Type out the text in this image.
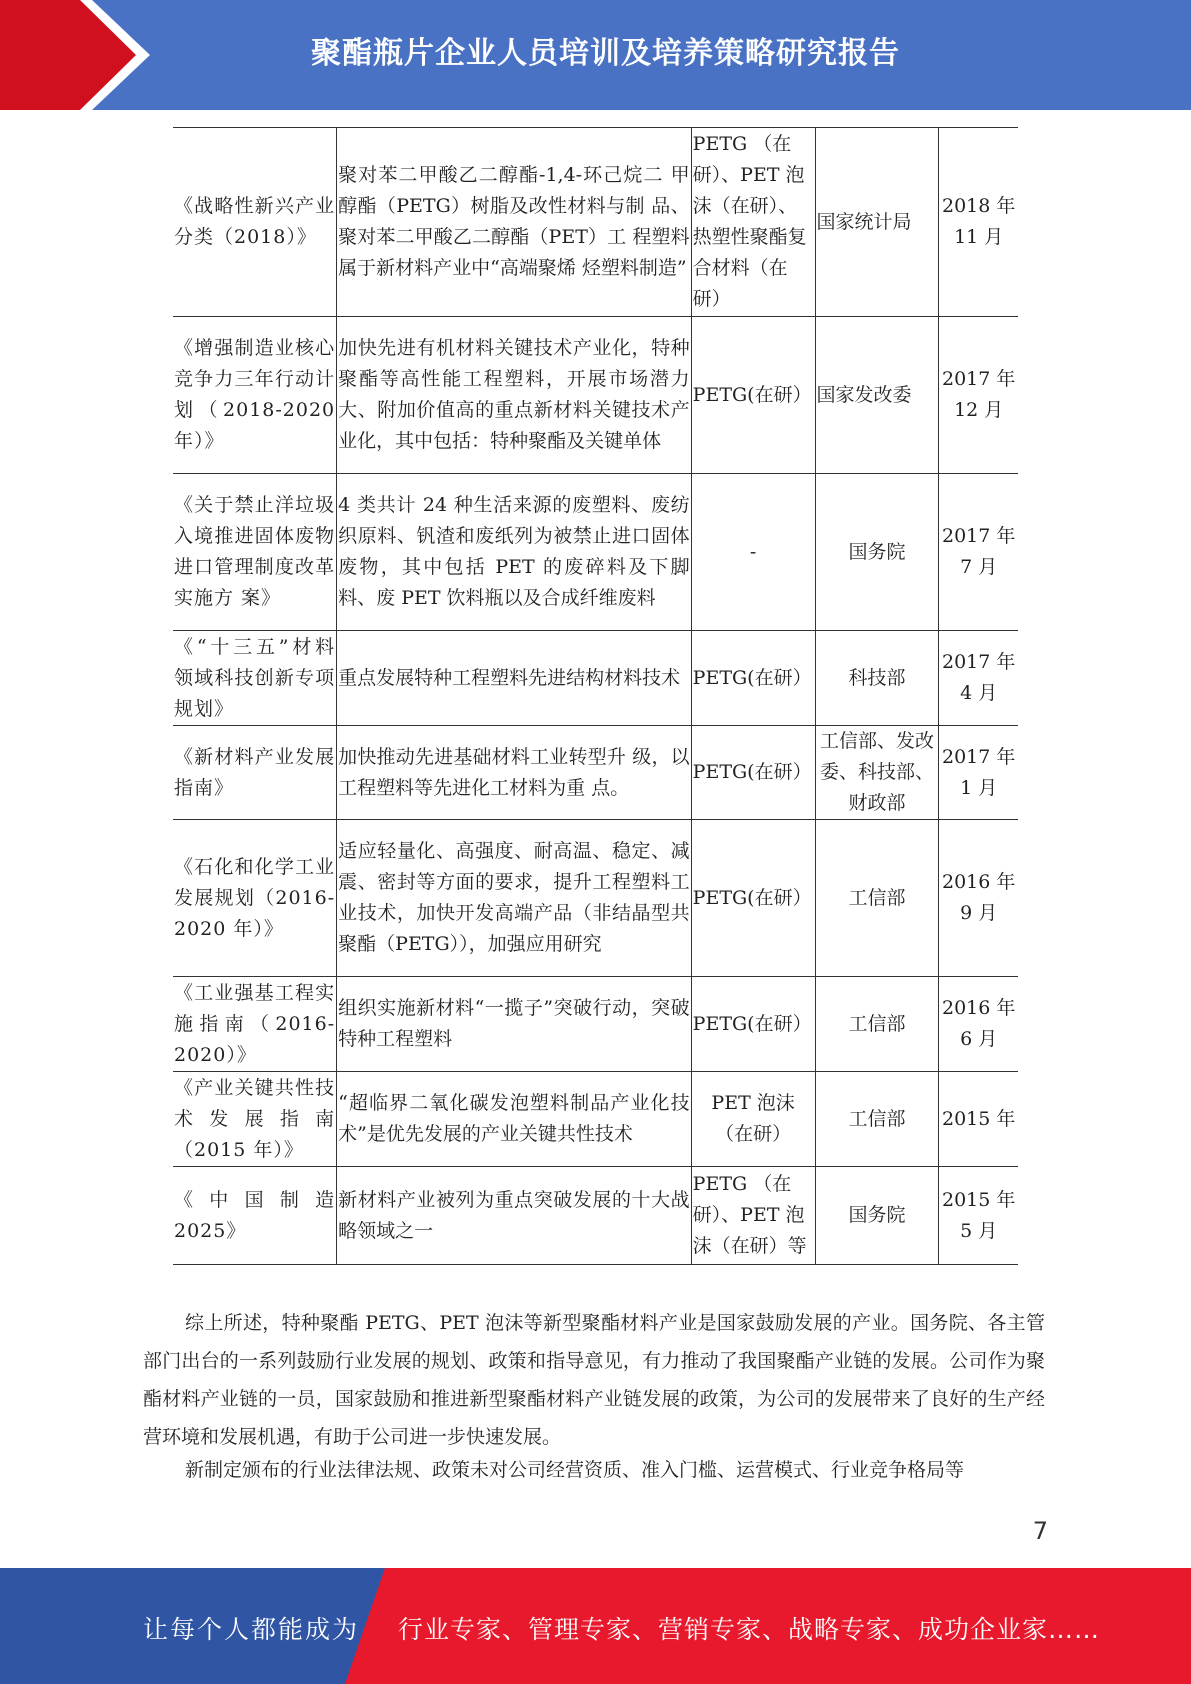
聚酯瓶片企业人员培训及培养策略研究报告
《战略性新兴产业分类（2018）》	聚对苯二甲酸乙二醇酯-1,4-环己烷二 甲醇酯（PETG）树脂及改性材料与制 品、聚对苯二甲酸乙二醇酯（PET）工 程塑料属于新材料产业中“高端聚烯 烃塑料制造”	PETG （在研）、PET 泡沫（在研）、热塑性聚酯复合材料（在研）	国家统计局	2018 年 11 月
《增强制造业核心竞争力三年行动计划（2018-2020 年）》	加快先进有机材料关键技术产业化，特种聚酯等高性能工程塑料，开展市场潜力大、附加价值高的重点新材料关键技术产业化，其中包括：特种聚酯及关键单体	PETG(在研）	国家发改委	2017 年 12 月
《关于禁止洋垃圾入境推进固体废物进口管理制度改革实施方 案》	4 类共计 24 种生活来源的废塑料、废纺织原料、钒渣和废纸列为被禁止进口固体废物，其中包括 PET 的废碎料及下脚料、废 PET 饮料瓶以及合成纤维废料	-	国务院	2017 年 7 月
《“十三五”材料领域科技创新专项规划》	重点发展特种工程塑料先进结构材料技术	PETG(在研）	科技部	2017 年 4 月
《新材料产业发展指南》	加快推动先进基础材料工业转型升 级，以工程塑料等先进化工材料为重 点。	PETG(在研）	工信部、发改委、科技部、财政部	2017 年 1 月
《石化和化学工业发展规划（2016-2020 年）》	适应轻量化、高强度、耐高温、稳定、减震、密封等方面的要求，提升工程塑料工业技术，加快开发高端产品（非结晶型共聚酯（PETG）），加强应用研究	PETG(在研）	工信部	2016 年 9 月
《工业强基工程实施指南（2016-2020）》	组织实施新材料“一揽子”突破行动，突破特种工程塑料	PETG(在研）	工信部	2016 年 6 月
《产业关键共性技术发展指南（2015 年）》	“超临界二氧化碳发泡塑料制品产业化技术”是优先发展的产业关键共性技术	PET 泡沫（在研）	工信部	2015 年
《中国制造 2025》	新材料产业被列为重点突破发展的十大战略领域之一	PETG （在研）、PET 泡沫（在研）等	国务院	2015 年 5 月

综上所述，特种聚酯 PETG、PET 泡沫等新型聚酯材料产业是国家鼓励发展的产业。国务院、各主管部门出台的一系列鼓励行业发展的规划、政策和指导意见，有力推动了我国聚酯产业链的发展。公司作为聚酯材料产业链的一员，国家鼓励和推进新型聚酯材料产业链发展的政策，为公司的发展带来了良好的生产经营环境和发展机遇，有助于公司进一步快速发展。

新制定颁布的行业法律法规、政策未对公司经营资质、准入门槛、运营模式、行业竞争格局等

7
让每个人都能成为 行业专家、管理专家、营销专家、战略专家、成功企业家……
